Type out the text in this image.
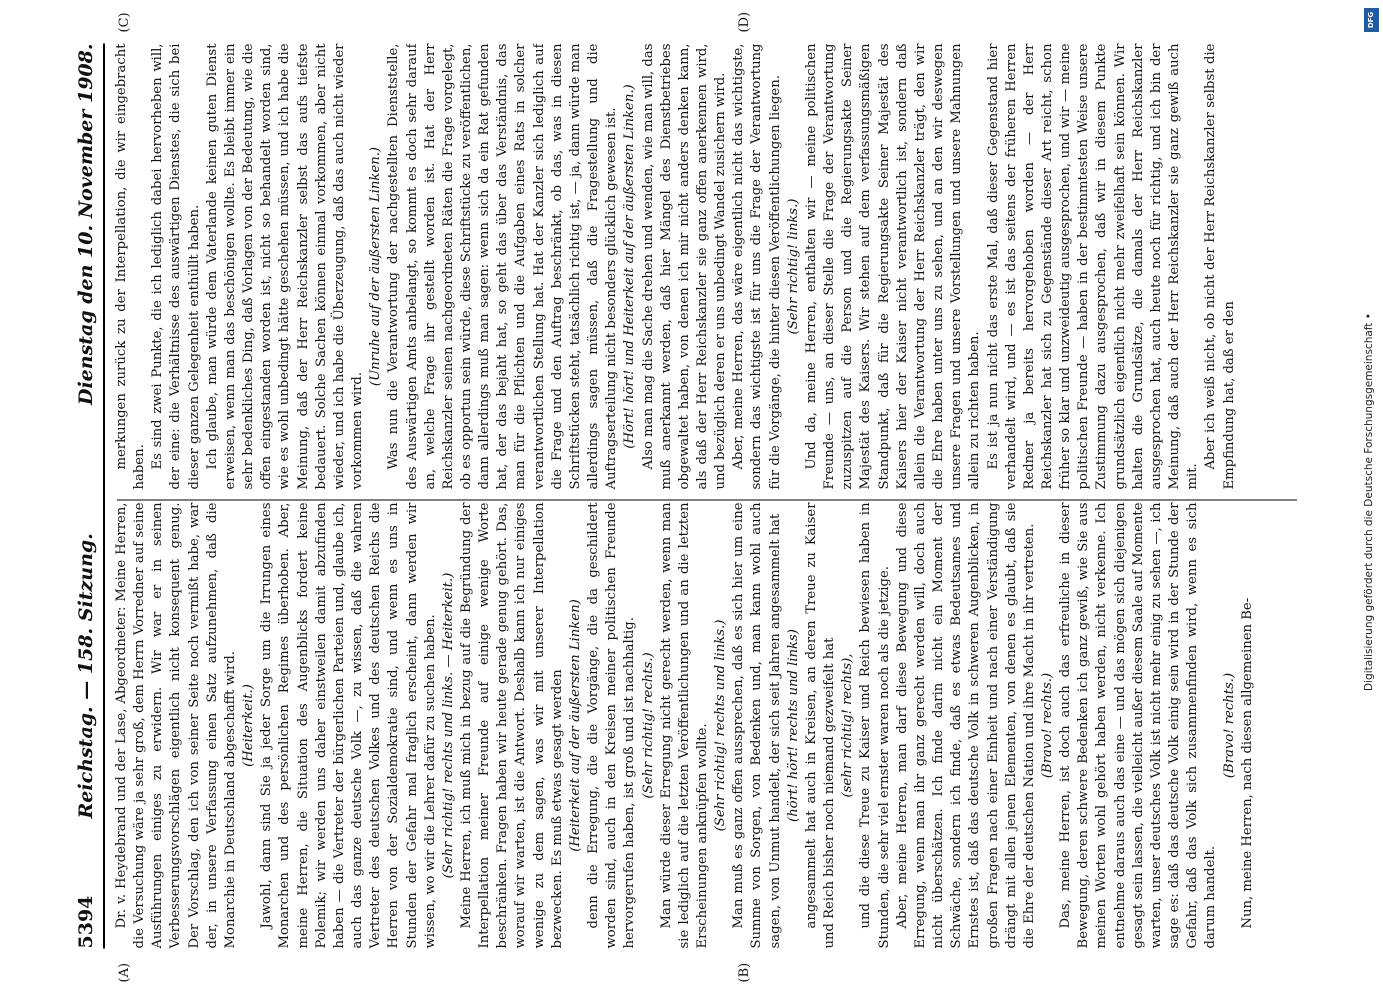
5394
Reichstag. — 158. Sitzung.
Dienstag den 10. November 1908.
(A)	(B)
(C)	(D)

Dr. v. Heydebrand und der Lase, Abgeordneter: Meine Herren, die Versuchung wäre ja sehr groß, dem Herrn Vorredner auf seine Ausführungen einiges zu erwidern. Wir war er in seinen Verbesserungsvorschlägen eigentlich nicht konsequent genug. Der Vorschlag, den ich von seiner Seite noch vermißt habe, war der, in unsere Verfassung einen Satz aufzunehmen, daß die Monarchie in Deutschland abgeschafft wird. (Heiterkeit.) Jawohl, dann sind Sie ja jeder Sorge um die Irrungen eines Monarchen und des persönlichen Regimes überhoben. Aber, meine Herren, die Situation des Augenblicks fordert keine Polemik; wir werden uns daher einstweilen damit abzufinden haben — die Vertreter der bürgerlichen Parteien und, glaube ich, auch das ganze deutsche Volk —, zu wissen, daß die wahren Vertreter des deutschen Volkes und des deutschen Reichs die Herren von der Sozialdemokratie sind, und wenn es uns in Stunden der Gefahr mal fraglich erscheint, dann werden wir wissen, wo wir die Lehrer dafür zu suchen haben. (Sehr richtig! rechts und links. — Heiterkeit.) Meine Herren, ich muß mich in bezug auf die Begründung der Interpellation meiner Freunde auf einige wenige Worte beschränken. Fragen haben wir heute gerade genug gehört. Das, worauf wir warten, ist die Antwort. Deshalb kann ich nur einiges wenige zu dem sagen, was wir mit unserer Interpellation bezwecken. Es muß etwas gesagt werden (Heiterkeit auf der äußersten Linken) denn die Erregung, die die Vorgänge, die da geschildert worden sind, auch in den Kreisen meiner politischen Freunde hervorgerufen haben, ist groß und ist nachhaltig. (Sehr richtig! rechts.) Man würde dieser Erregung nicht gerecht werden, wenn man sie lediglich auf die letzten Veröffentlichungen und an die letzten Erscheinungen anknüpfen wollte. (Sehr richtig! rechts und links.) Man muß es ganz offen aussprechen, daß es sich hier um eine Summe von Sorgen, von Bedenken und, man kann wohl auch sagen, von Unmut handelt, der sich seit Jahren angesammelt hat (hört! hört! rechts und links) angesammelt hat auch in Kreisen, an deren Treue zu Kaiser und Reich bisher noch niemand gezweifelt hat (sehr richtig! rechts), und die diese Treue zu Kaiser und Reich bewiesen haben in Stunden, die sehr viel ernster waren noch als die jetzige. Aber, meine Herren, man darf diese Bewegung und diese Erregung, wenn man ihr ganz gerecht werden will, doch auch nicht überschätzen. Ich finde darin nicht ein Moment der Schwäche, sondern ich finde, daß es etwas Bedeutsames und Ernstes ist, daß das deutsche Volk in schweren Augenblicken, in großen Fragen nach einer Einheit und nach einer Verständigung drängt mit allen jenen Elementen, von denen es glaubt, daß sie die Ehre der deutschen Nation und ihre Macht in ihr vertreten. (Bravo! rechts.) Das, meine Herren, ist doch auch das erfreuliche in dieser Bewegung, deren schwere Bedenken ich ganz gewiß, wie Sie aus meinen Worten wohl gehört haben werden, nicht verkenne. Ich entnehme daraus auch das eine — und das mögen sich diejenigen gesagt sein lassen, die vielleicht außer diesem Saale auf Momente warten, unser deutsches Volk ist nicht mehr einig zu sehen —, ich sage es: daß das deutsche Volk einig sein wird in der Stunde der Gefahr, daß das Volk sich zusammenfinden wird, wenn es sich darum handelt.

(Bravo! rechts.) Nun, meine Herren, nach diesen allgemeinen Be-

merkungen zurück zu der Interpellation, die wir eingebracht haben. Es sind zwei Punkte, die ich lediglich dabei hervorheben will, der eine: die Verhältnisse des auswärtigen Dienstes, die sich bei dieser ganzen Gelegenheit enthüllt haben. Ich glaube, man würde dem Vaterlande keinen guten Dienst erweisen, wenn man das beschönigen wollte. Es bleibt immer ein sehr bedenkliches Ding, daß Vorlagen von der Bedeutung, wie die offen eingestanden worden ist, nicht so behandelt worden sind, wie es wohl unbedingt hätte geschehen müssen, und ich habe die Meinung, daß der Herr Reichskanzler selbst das aufs tiefste bedauert. Solche Sachen können einmal vorkommen, aber nicht wieder, und ich habe die Überzeugung, daß das auch nicht wieder vorkommen wird.

(Unruhe auf der äußersten Linken.) Was nun die Verantwortung der nachgestellten Dienststelle, des Auswärtigen Amts anbelangt, so kommt es doch sehr darauf an, welche Frage ihr gestellt worden ist. Hat der Herr Reichskanzler seinen nachgeordneten Räten die Frage vorgelegt, ob es opportun sein würde, diese Schriftstücke zu veröffentlichen, dann allerdings muß man sagen: wenn sich da ein Rat gefunden hat, der das bejaht hat, so geht das über das Verständnis, das man für die Pflichten und die Aufgaben eines Rats in solcher verantwortlichen Stellung hat. Hat der Kanzler sich lediglich auf die Frage und den Auftrag beschränkt, ob das, was in diesen Schriftstücken steht, tatsächlich richtig ist, — ja, dann würde man allerdings sagen müssen, daß die Fragestellung und die Auftragserteilung nicht besonders glücklich gewesen ist. (Hört! hört! und Heiterkeit auf der äußersten Linken.) Also man mag die Sache drehen und wenden, wie man will, das muß anerkannt werden, daß hier Mängel des Dienstbetriebes obgewaltet haben, von denen ich mir nicht anders denken kann, als daß der Herr Reichskanzler sie ganz offen anerkennen wird, und bezüglich deren er uns unbedingt Wandel zusichern wird. Aber, meine Herren, das wäre eigentlich nicht das wichtigste, sondern das wichtigste ist für uns die Frage der Verantwortung für die Vorgänge, die hinter diesen Veröffentlichungen liegen. (Sehr richtig! links.) Und da, meine Herren, enthalten wir — meine politischen Freunde — uns, an dieser Stelle die Frage der Verantwortung zuzuspitzen auf die Person und die Regierungsakte Seiner Majestät des Kaisers. Wir stehen auf dem verfassungsmäßigen Standpunkt, daß für die Regierungsakte Seiner Majestät des Kaisers hier der Kaiser nicht verantwortlich ist, sondern daß allein die Verantwortung der Herr Reichskanzler trägt, den wir die Ehre haben unter uns zu sehen, und an den wir deswegen unsere Fragen und unsere Vorstellungen und unsere Mahnungen allein zu richten haben. Es ist ja nun nicht das erste Mal, daß dieser Gegenstand hier verhandelt wird, und — es ist das seitens der früheren Herren Redner ja bereits hervorgehoben worden — der Herr Reichskanzler hat sich zu Gegenstände dieser Art reicht, schon früher so klar und unzweideutig ausgesprochen, und wir — meine politischen Freunde — haben in der bestimmtesten Weise unsere Zustimmung dazu ausgesprochen, daß wir in diesem Punkte grundsätzlich eigentlich nicht mehr zweifelhaft sein können. Wir halten die Grundsätze, die damals der Herr Reichskanzler ausgesprochen hat, auch heute noch für richtig, und ich bin der Meinung, daß auch der Herr Reichskanzler sie ganz gewiß auch mit.

Aber ich weiß nicht, ob nicht der Herr Reichskanzler selbst die Empfindung hat, daß er den

DFG
Digitalisierung gefördert durch die Deutsche Forschungsgemeinschaft •
